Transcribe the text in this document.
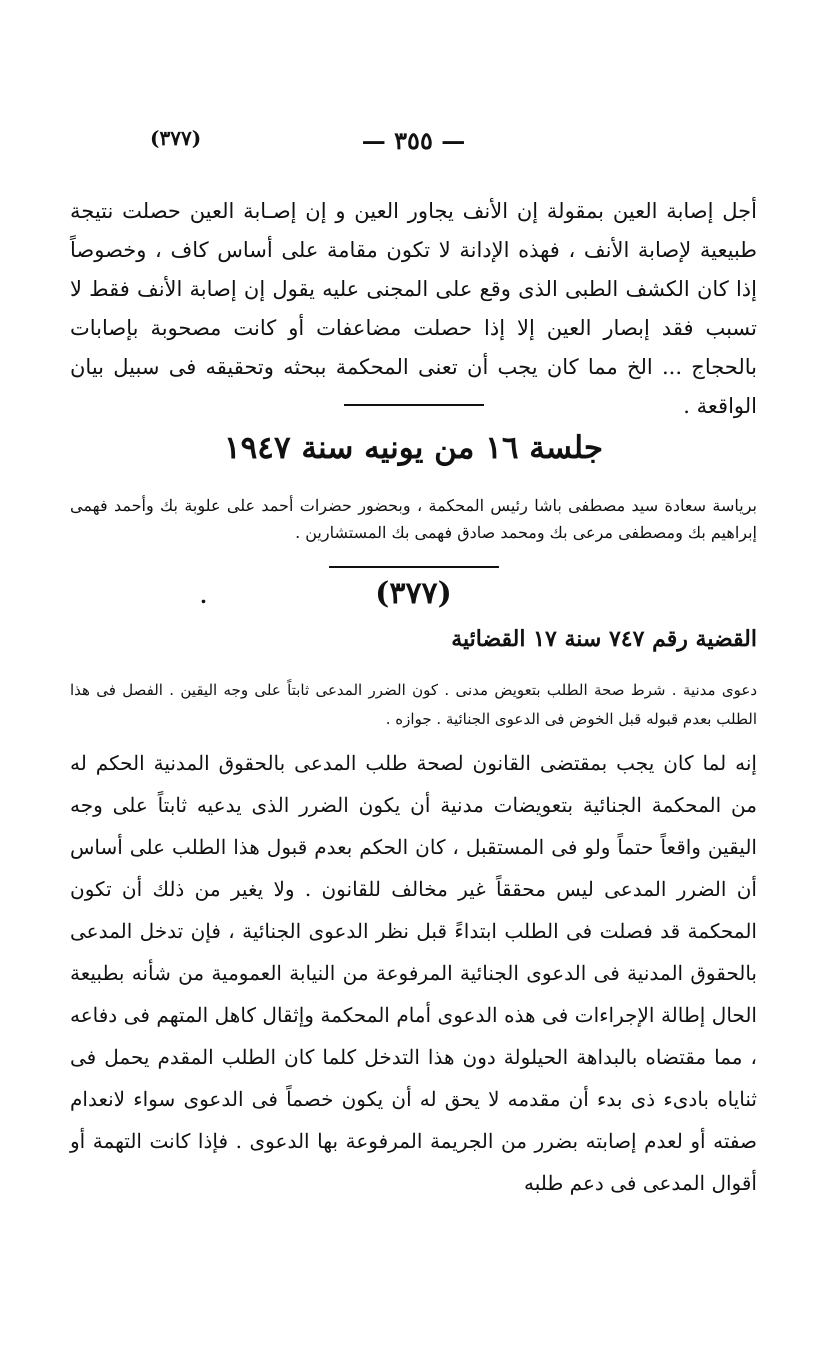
— ٣٥٥ —
(٣٧٧)
أجل إصابة العين بمقولة إن الأنف يجاور العين و إن إصـابة العين حصلت نتيجة طبيعية لإصابة الأنف ، فهذه الإدانة لا تكون مقامة على أساس كاف ، وخصوصاً إذا كان الكشف الطبى الذى وقع على المجنى عليه يقول إن إصابة الأنف فقط لا تسبب فقد إبصار العين إلا إذا حصلت مضاعفات أو كانت مصحوبة بإصابات بالحجاج ... الخ مما كان يجب أن تعنى المحكمة ببحثه وتحقيقه فى سبيل بيان الواقعة .
جلسة ١٦ من يونيه سنة ١٩٤٧
برياسة سعادة سيد مصطفى باشا رئيس المحكمة ، وبحضور حضرات أحمد على علوبة بك وأحمد فهمى إبراهيم بك ومصطفى مرعى بك ومحمد صادق فهمى بك المستشارين .
(٣٧٧)
.
القضية رقم ٧٤٧ سنة ١٧ القضائية
دعوى مدنية . شرط صحة الطلب بتعويض مدنى . كون الضرر المدعى ثابتاً على وجه اليقين . الفصل فى هذا الطلب بعدم قبوله قبل الخوض فى الدعوى الجنائية . جوازه .
إنه لما كان يجب بمقتضى القانون لصحة طلب المدعى بالحقوق المدنية الحكم له من المحكمة الجنائية بتعويضات مدنية أن يكون الضرر الذى يدعيه ثابتاً على وجه اليقين واقعاً حتماً ولو فى المستقبل ، كان الحكم بعدم قبول هذا الطلب على أساس أن الضرر المدعى ليس محققاً غير مخالف للقانون . ولا يغير من ذلك أن تكون المحكمة قد فصلت فى الطلب ابتداءً قبل نظر الدعوى الجنائية ، فإن تدخل المدعى بالحقوق المدنية فى الدعوى الجنائية المرفوعة من النيابة العمومية من شأنه بطبيعة الحال إطالة الإجراءات فى هذه الدعوى أمام المحكمة وإثقال كاهل المتهم فى دفاعه ، مما مقتضاه بالبداهة الحيلولة دون هذا التدخل كلما كان الطلب المقدم يحمل فى ثناياه بادىء ذى بدء أن مقدمه لا يحق له أن يكون خصماً فى الدعوى سواء لانعدام صفته أو لعدم إصابته بضرر من الجريمة المرفوعة بها الدعوى . فإذا كانت التهمة أو أقوال المدعى فى دعم طلبه
